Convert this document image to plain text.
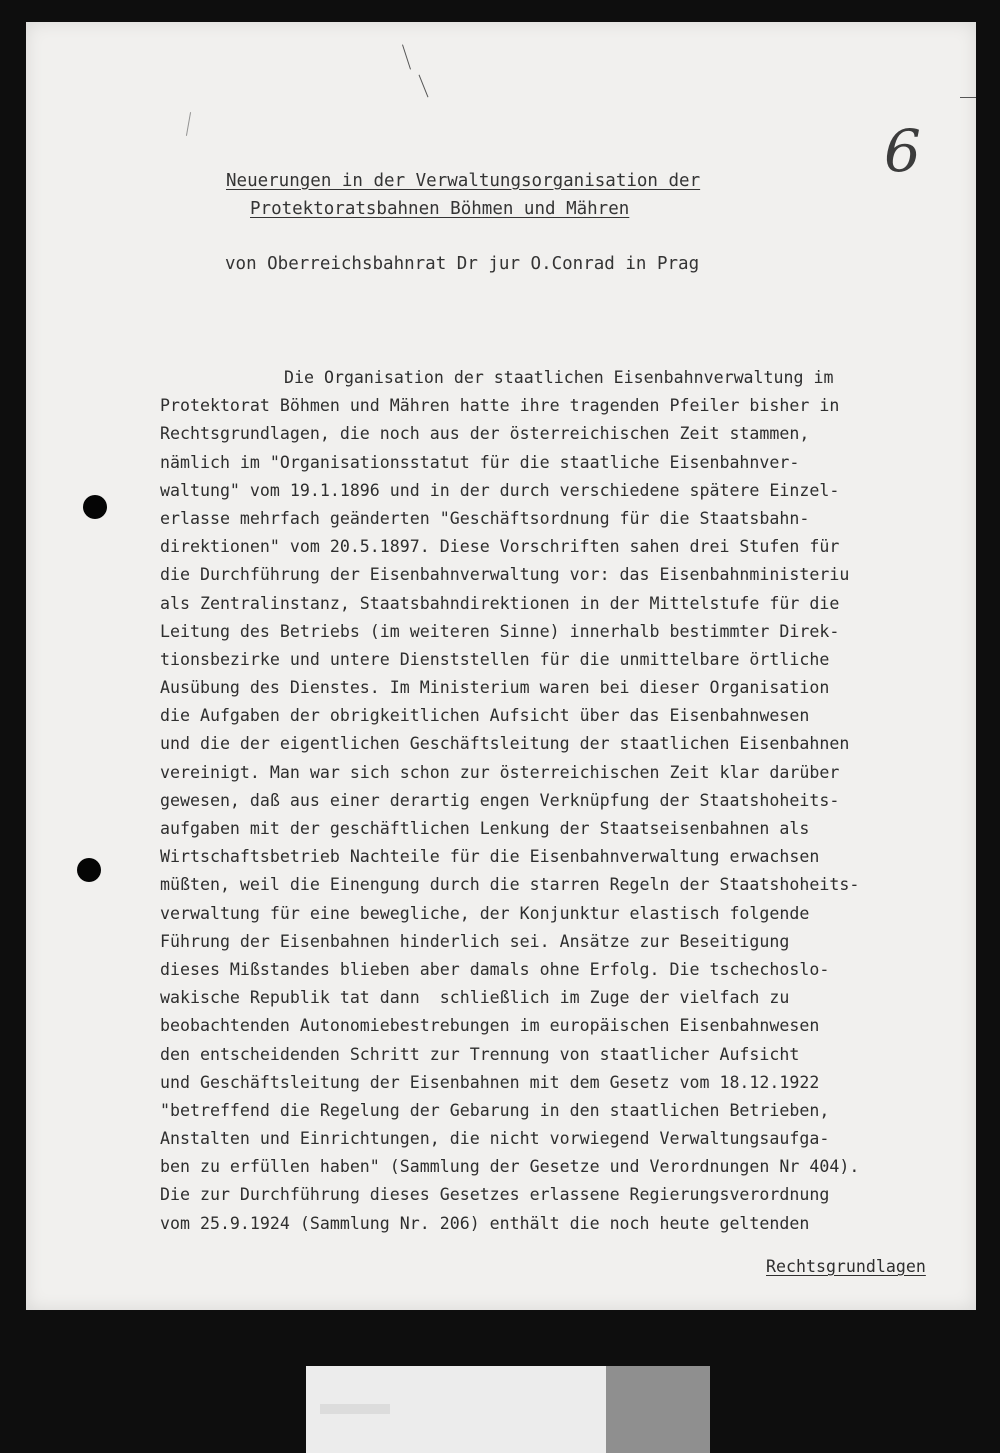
6
Neuerungen in der Verwaltungsorganisation der
Protektoratsbahnen Böhmen und Mähren

von Oberreichsbahnrat Dr jur O.Conrad in Prag

Die Organisation der staatlichen Eisenbahnverwaltung im
Protektorat Böhmen und Mähren hatte ihre tragenden Pfeiler bisher in
Rechtsgrundlagen, die noch aus der österreichischen Zeit stammen,
nämlich im "Organisationsstatut für die staatliche Eisenbahnver-
waltung" vom 19.1.1896 und in der durch verschiedene spätere Einzel-
erlasse mehrfach geänderten "Geschäftsordnung für die Staatsbahn-
direktionen" vom 20.5.1897. Diese Vorschriften sahen drei Stufen für
die Durchführung der Eisenbahnverwaltung vor: das Eisenbahnministeriu
als Zentralinstanz, Staatsbahndirektionen in der Mittelstufe für die
Leitung des Betriebs (im weiteren Sinne) innerhalb bestimmter Direk-
tionsbezirke und untere Dienststellen für die unmittelbare örtliche
Ausübung des Dienstes. Im Ministerium waren bei dieser Organisation
die Aufgaben der obrigkeitlichen Aufsicht über das Eisenbahnwesen
und die der eigentlichen Geschäftsleitung der staatlichen Eisenbahnen
vereinigt. Man war sich schon zur österreichischen Zeit klar darüber
gewesen, daß aus einer derartig engen Verknüpfung der Staatshoheits-
aufgaben mit der geschäftlichen Lenkung der Staatseisenbahnen als
Wirtschaftsbetrieb Nachteile für die Eisenbahnverwaltung erwachsen
müßten, weil die Einengung durch die starren Regeln der Staatshoheits-
verwaltung für eine bewegliche, der Konjunktur elastisch folgende
Führung der Eisenbahnen hinderlich sei. Ansätze zur Beseitigung
dieses Mißstandes blieben aber damals ohne Erfolg. Die tschechoslo-
wakische Republik tat dann  schließlich im Zuge der vielfach zu
beobachtenden Autonomiebestrebungen im europäischen Eisenbahnwesen
den entscheidenden Schritt zur Trennung von staatlicher Aufsicht
und Geschäftsleitung der Eisenbahnen mit dem Gesetz vom 18.12.1922
"betreffend die Regelung der Gebarung in den staatlichen Betrieben,
Anstalten und Einrichtungen, die nicht vorwiegend Verwaltungsaufga-
ben zu erfüllen haben" (Sammlung der Gesetze und Verordnungen Nr 404).
Die zur Durchführung dieses Gesetzes erlassene Regierungsverordnung
vom 25.9.1924 (Sammlung Nr. 206) enthält die noch heute geltenden
Rechtsgrundlagen
